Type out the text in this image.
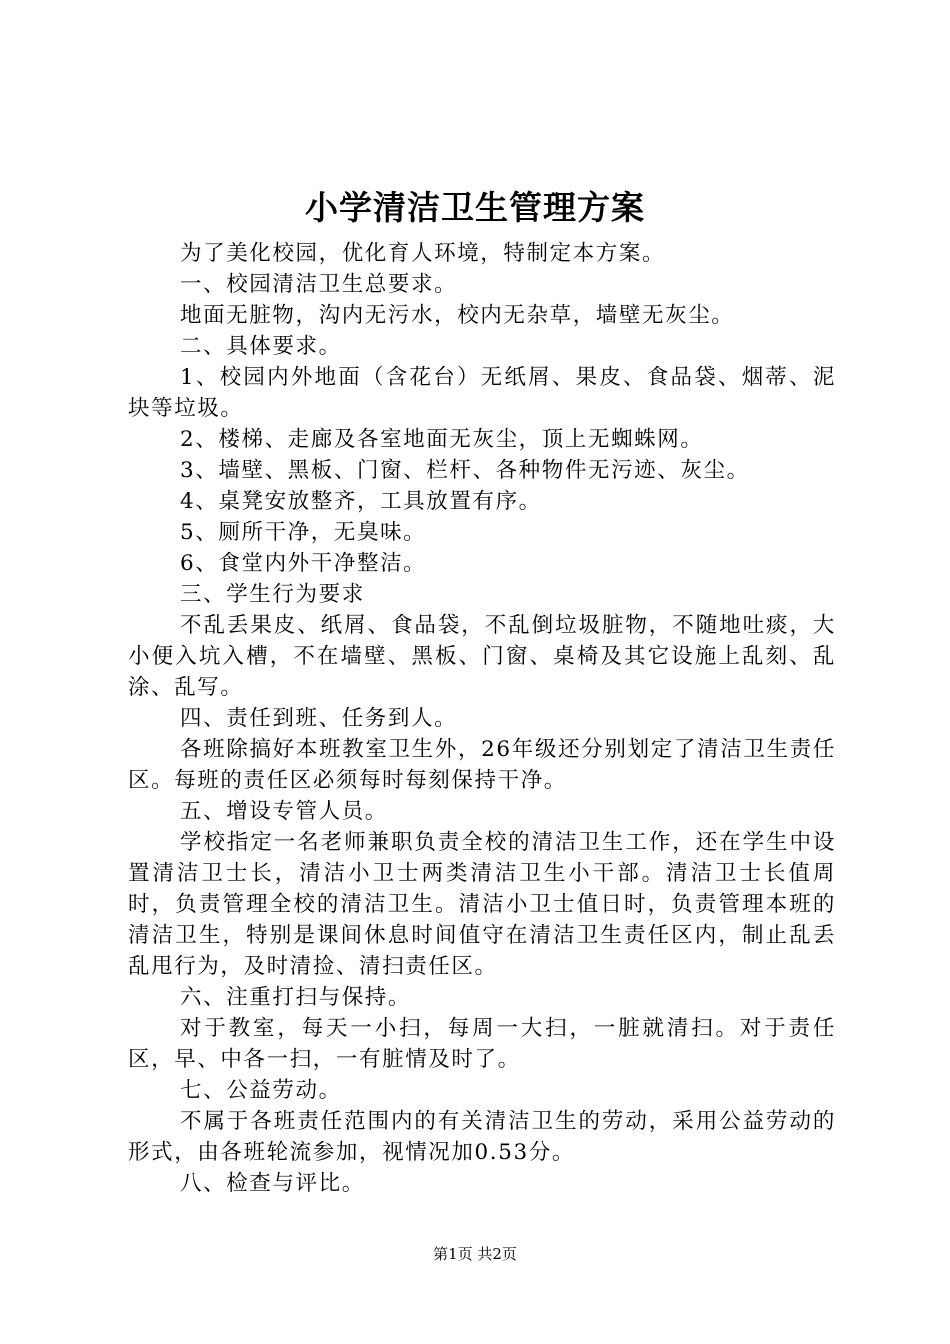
小学清洁卫生管理方案

为了美化校园，优化育人环境，特制定本方案。

一、校园清洁卫生总要求。

地面无脏物，沟内无污水，校内无杂草，墙壁无灰尘。

二、具体要求。

1、校园内外地面（含花台）无纸屑、果皮、食品袋、烟蒂、泥块等垃圾。

2、楼梯、走廊及各室地面无灰尘，顶上无蜘蛛网。

3、墙壁、黑板、门窗、栏杆、各种物件无污迹、灰尘。

4、桌凳安放整齐，工具放置有序。

5、厕所干净，无臭味。

6、食堂内外干净整洁。

三、学生行为要求

不乱丢果皮、纸屑、食品袋，不乱倒垃圾脏物，不随地吐痰，大小便入坑入槽，不在墙壁、黑板、门窗、桌椅及其它设施上乱刻、乱涂、乱写。

四、责任到班、任务到人。

各班除搞好本班教室卫生外，26年级还分别划定了清洁卫生责任区。每班的责任区必须每时每刻保持干净。

五、增设专管人员。

学校指定一名老师兼职负责全校的清洁卫生工作，还在学生中设置清洁卫士长，清洁小卫士两类清洁卫生小干部。清洁卫士长值周时，负责管理全校的清洁卫生。清洁小卫士值日时，负责管理本班的清洁卫生，特别是课间休息时间值守在清洁卫生责任区内，制止乱丢乱甩行为，及时清捡、清扫责任区。

六、注重打扫与保持。

对于教室，每天一小扫，每周一大扫，一脏就清扫。对于责任区，早、中各一扫，一有脏情及时了。

七、公益劳动。

不属于各班责任范围内的有关清洁卫生的劳动，采用公益劳动的形式，由各班轮流参加，视情况加0.53分。

八、检查与评比。

第1页 共2页
